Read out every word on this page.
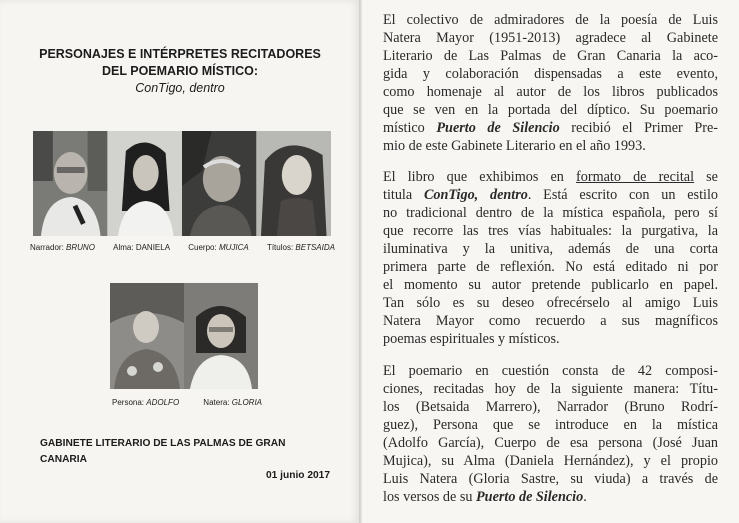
PERSONAJES E INTÉRPRETES RECITADORES
DEL POEMARIO MÍSTICO:
ConTigo, dentro
Narrador: BRUNO Alma: DANIELA Cuerpo: MUJICA Títulos: BETSAIDA
Persona: ADOLFO	Natera: GLORIA
GABINETE LITERARIO DE LAS PALMAS DE GRAN CANARIA
01 junio 2017
El colectivo de admiradores de la poesía de Luis
Natera Mayor (1951-2013) agradece al Gabinete
Literario de Las Palmas de Gran Canaria la aco-
gida y colaboración dispensadas a este evento,
como homenaje al autor de los libros publicados
que se ven en la portada del díptico. Su poemario
místico Puerto de Silencio recibió el Primer Pre-
mio de este Gabinete Literario en el año 1993.
El libro que exhibimos en formato de recital se
titula ConTigo, dentro. Está escrito con un estilo
no tradicional dentro de la mística española, pero sí
que recorre las tres vías habituales: la purgativa, la
iluminativa y la unitiva, además de una corta
primera parte de reflexión. No está editado ni por
el momento su autor pretende publicarlo en papel.
Tan sólo es su deseo ofrecérselo al amigo Luis
Natera Mayor como recuerdo a sus magníficos
poemas espirituales y místicos.
El poemario en cuestión consta de 42 composi-
ciones, recitadas hoy de la siguiente manera: Títu-
los (Betsaida Marrero), Narrador (Bruno Rodrí-
guez), Persona que se introduce en la mística
(Adolfo García), Cuerpo de esa persona (José Juan
Mujica), su Alma (Daniela Hernández), y el propio
Luis Natera (Gloria Sastre, su viuda) a través de
los versos de su Puerto de Silencio.
